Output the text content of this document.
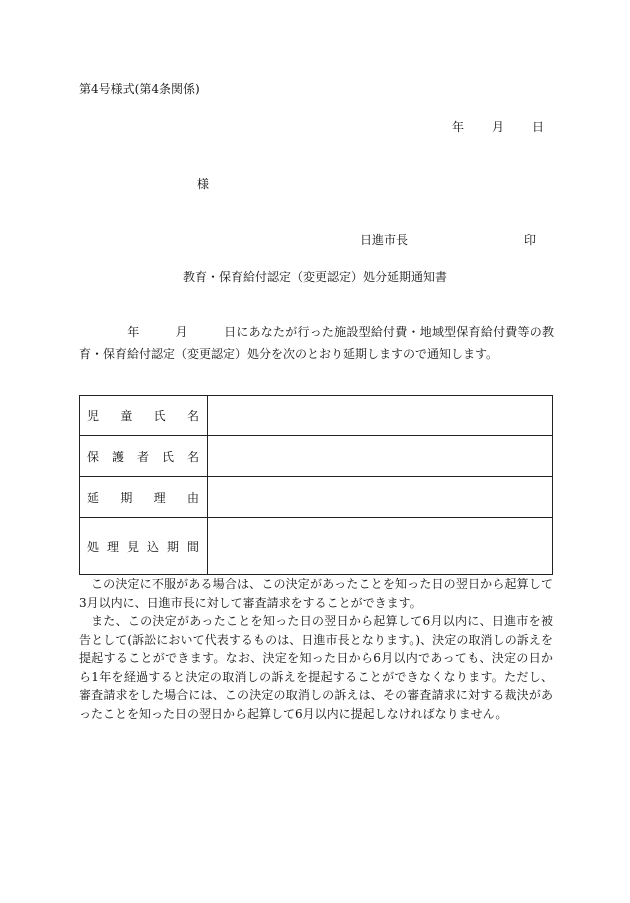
第4号様式(第4条関係)
年 月 日
様
日進市長	印
教育・保育給付認定（変更認定）処分延期通知書
年	月	日にあなたが行った施設型給付費・地域型保育給付費等の教育・保育給付認定（変更認定）処分を次のとおり延期しますので通知します。
児童氏名	
保護者氏名	
延期理由	
処理見込期間	

この決定に不服がある場合は、この決定があったことを知った日の翌日から起算して3月以内に、日進市長に対して審査請求をすることができます。

また、この決定があったことを知った日の翌日から起算して6月以内に、日進市を被告として(訴訟において代表するものは、日進市長となります。)、決定の取消しの訴えを提起することができます。なお、決定を知った日から6月以内であっても、決定の日から1年を経過すると決定の取消しの訴えを提起することができなくなります。ただし、審査請求をした場合には、この決定の取消しの訴えは、その審査請求に対する裁決があったことを知った日の翌日から起算して6月以内に提起しなければなりません。
